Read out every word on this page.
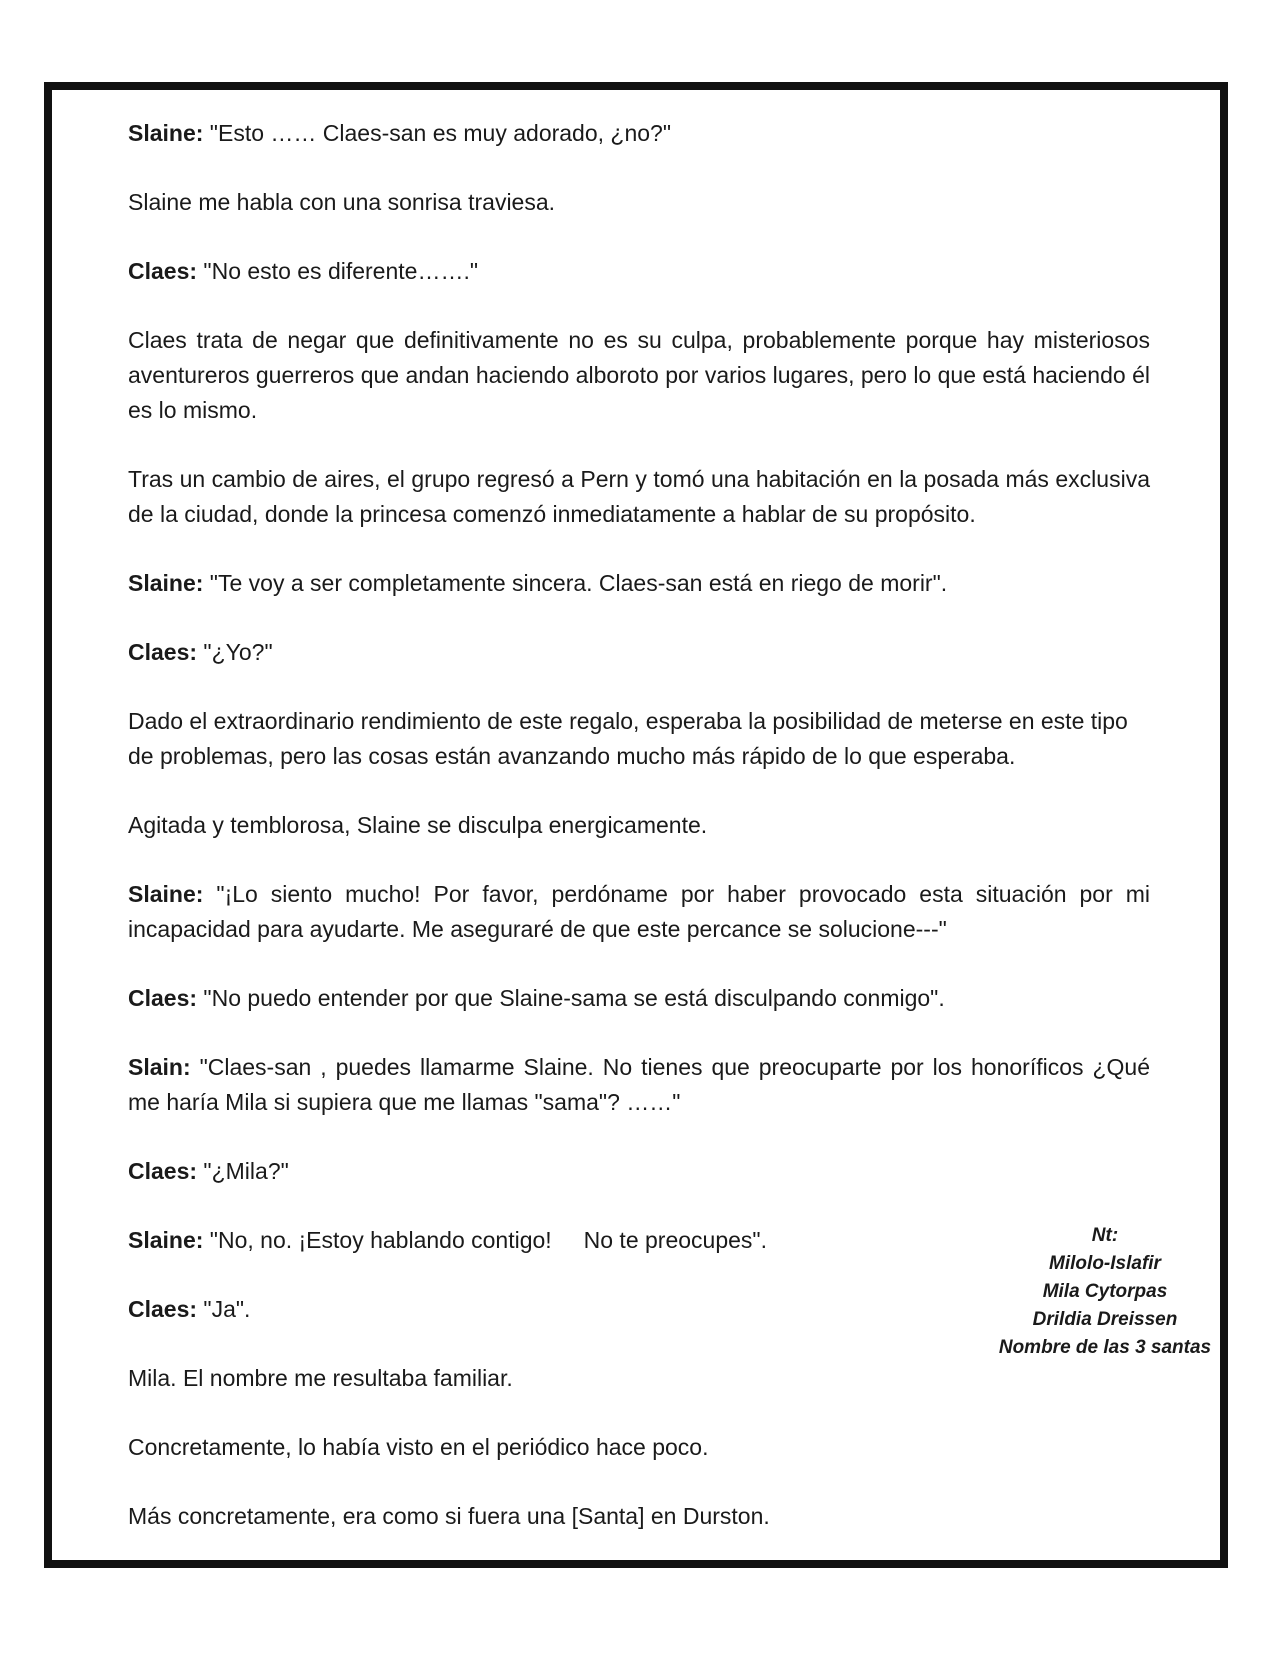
Slaine: "Esto …… Claes-san es muy adorado, ¿no?"

Slaine me habla con una sonrisa traviesa.

Claes: "No esto es diferente……."

Claes trata de negar que definitivamente no es su culpa, probablemente porque hay misteriosos aventureros guerreros que andan haciendo alboroto por varios lugares, pero lo que está haciendo él es lo mismo.

Tras un cambio de aires, el grupo regresó a Pern y tomó una habitación en la posada más exclusiva de la ciudad, donde la princesa comenzó inmediatamente a hablar de su propósito.

Slaine: "Te voy a ser completamente sincera. Claes-san está en riego de morir".

Claes: "¿Yo?"

Dado el extraordinario rendimiento de este regalo, esperaba la posibilidad de meterse en este tipo de problemas, pero las cosas están avanzando mucho más rápido de lo que esperaba.

Agitada y temblorosa, Slaine se disculpa energicamente.

Slaine: "¡Lo siento mucho! Por favor, perdóname por haber provocado esta situación por mi incapacidad para ayudarte. Me aseguraré de que este percance se solucione---"

Claes: "No puedo entender por que Slaine-sama se está disculpando conmigo".

Slain: "Claes-san , puedes llamarme Slaine. No tienes que preocuparte por los honoríficos ¿Qué me haría Mila si supiera que me llamas "sama"? ……"

Claes: "¿Mila?"

Slaine: "No, no. ¡Estoy hablando contigo!     No te preocupes".

Claes: "Ja".

Mila. El nombre me resultaba familiar.

Concretamente, lo había visto en el periódico hace poco.

Más concretamente, era como si fuera una [Santa] en Durston.

Nt:
Milolo-Islafir
Mila Cytorpas
Drildia Dreissen
Nombre de las 3 santas
